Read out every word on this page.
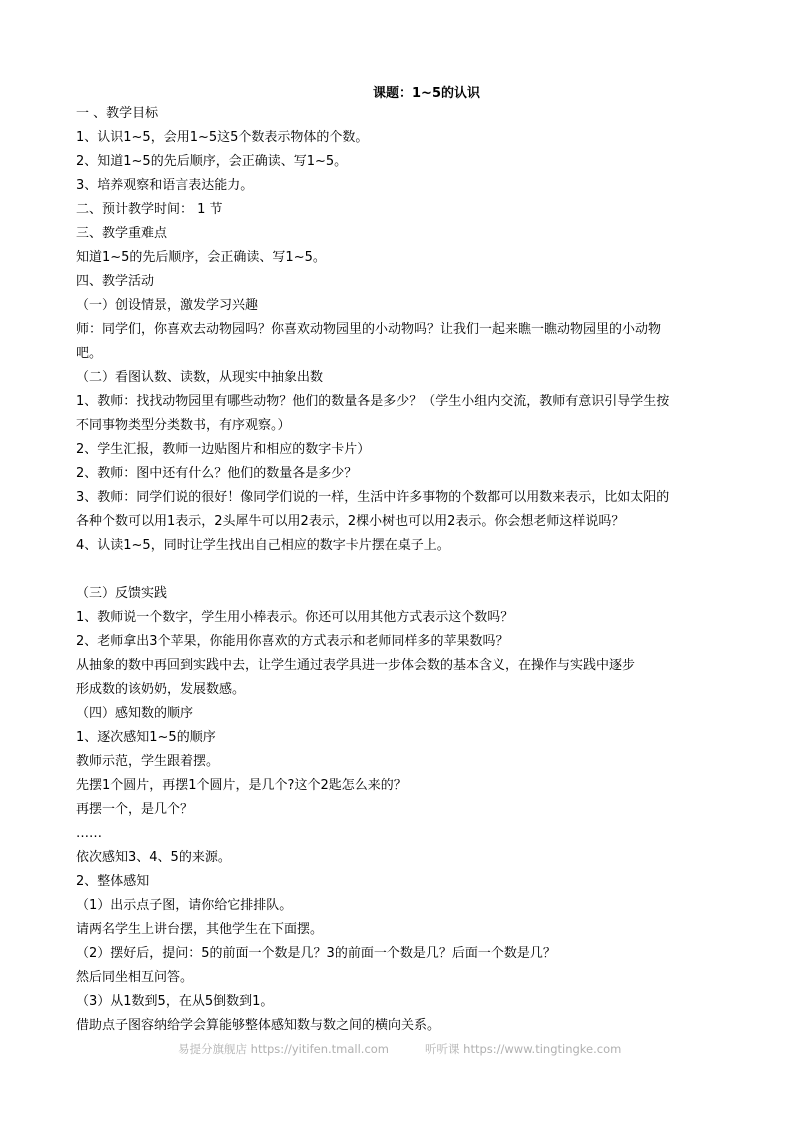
课题：1~5的认识
一 、教学目标
1、认识1~5，会用1~5这5个数表示物体的个数。
2、知道1~5的先后顺序，会正确读、写1~5。
3、培养观察和语言表达能力。
二、预计教学时间： 1 节
三、教学重难点
知道1~5的先后顺序，会正确读、写1~5。
四、教学活动
（一）创设情景，激发学习兴趣
师：同学们，你喜欢去动物园吗？你喜欢动物园里的小动物吗？让我们一起来瞧一瞧动物园里的小动物
吧。
（二）看图认数、读数，从现实中抽象出数
1、教师：找找动物园里有哪些动物？他们的数量各是多少？（学生小组内交流，教师有意识引导学生按
不同事物类型分类数书，有序观察。）
2、学生汇报，教师一边贴图片和相应的数字卡片）
2、教师：图中还有什么？他们的数量各是多少？
3、教师：同学们说的很好！像同学们说的一样，生活中许多事物的个数都可以用数来表示，比如太阳的
各种个数可以用1表示，2头犀牛可以用2表示，2棵小树也可以用2表示。你会想老师这样说吗？
4、认读1~5，同时让学生找出自己相应的数字卡片摆在桌子上。
（三）反馈实践
1、教师说一个数字，学生用小棒表示。你还可以用其他方式表示这个数吗？
2、老师拿出3个苹果，你能用你喜欢的方式表示和老师同样多的苹果数吗？
从抽象的数中再回到实践中去，让学生通过表学具进一步体会数的基本含义，在操作与实践中逐步
形成数的该奶奶，发展数感。
（四）感知数的顺序
1、逐次感知1~5的顺序
教师示范，学生跟着摆。
先摆1个圆片，再摆1个圆片，是几个?这个2匙怎么来的？
再摆一个，是几个？
……
依次感知3、4、5的来源。
2、整体感知
（1）出示点子图，请你给它排排队。
请两名学生上讲台摆，其他学生在下面摆。
（2）摆好后，提问：5的前面一个数是几？3的前面一个数是几？后面一个数是几？
然后同坐相互问答。
（3）从1数到5，在从5倒数到1。
借助点子图容纳给学会算能够整体感知数与数之间的横向关系。
易提分旗舰店 https://yitifen.tmall.com	听听课 https://www.tingtingke.com
